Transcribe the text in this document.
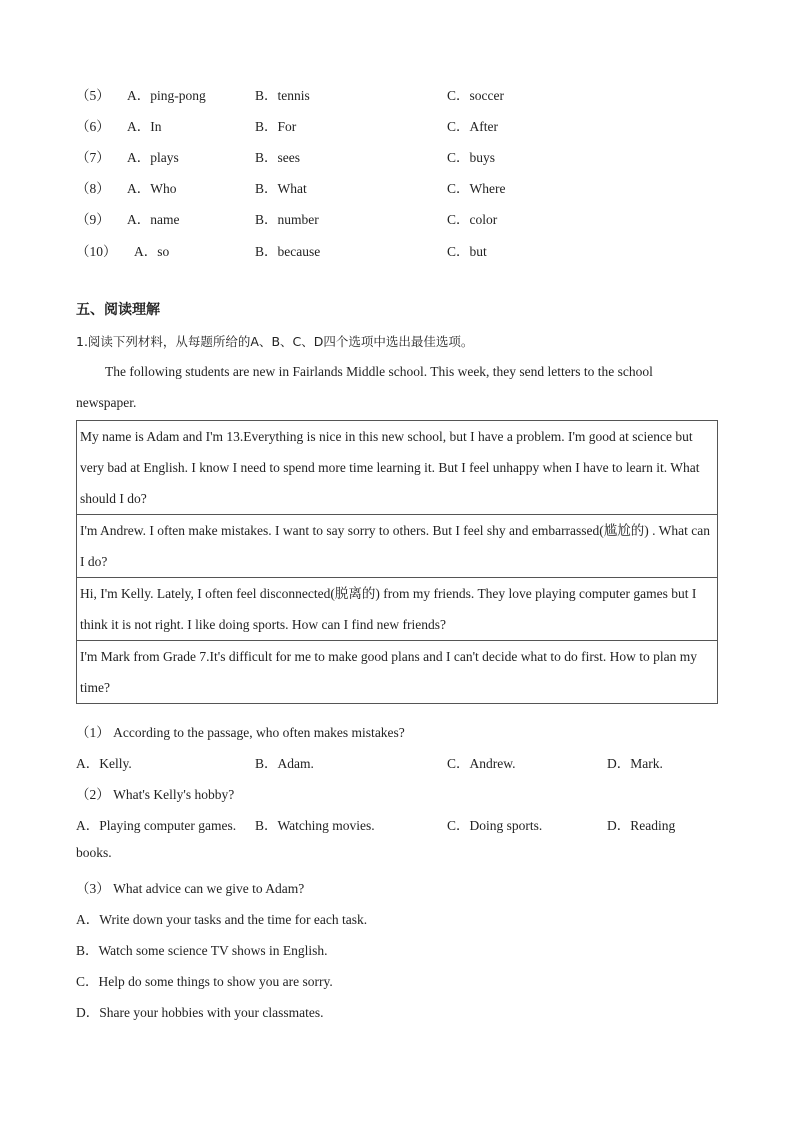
（5） A．ping-pong	B．tennis	C．soccer
（6） A．In	B．For	C．After
（7） A．plays	B．sees	C．buys
（8） A．Who	B．What	C．Where
（9） A．name	B．number	C．color
（10） A．so	B．because	C．but
五、阅读理解
1.阅读下列材料，从每题所给的A、B、C、D四个选项中选出最佳选项。
The following students are new in Fairlands Middle school. This week, they send letters to the school
newspaper.
My name is Adam and I'm 13.Everything is nice in this new school, but I have a problem. I'm good at science but very bad at English. I know I need to spend more time learning it. But I feel unhappy when I have to learn it. What should I do?
I'm Andrew. I often make mistakes. I want to say sorry to others. But I feel shy and embarrassed(尴尬的) . What can I do?
Hi, I'm Kelly. Lately, I often feel disconnected(脱离的) from my friends. They love playing computer games but I think it is not right. I like doing sports. How can I find new friends?
I'm Mark from Grade 7.It's difficult for me to make good plans and I can't decide what to do first. How to plan my time?
（1） According to the passage, who often makes mistakes?
A．Kelly.	B．Adam.	C．Andrew.	D．Mark.
（2） What's Kelly's hobby?
A．Playing computer games. B．Watching movies.	C．Doing sports.	D．Reading
books.
（3） What advice can we give to Adam?
A．Write down your tasks and the time for each task.
B．Watch some science TV shows in English.
C．Help do some things to show you are sorry.
D．Share your hobbies with your classmates.
